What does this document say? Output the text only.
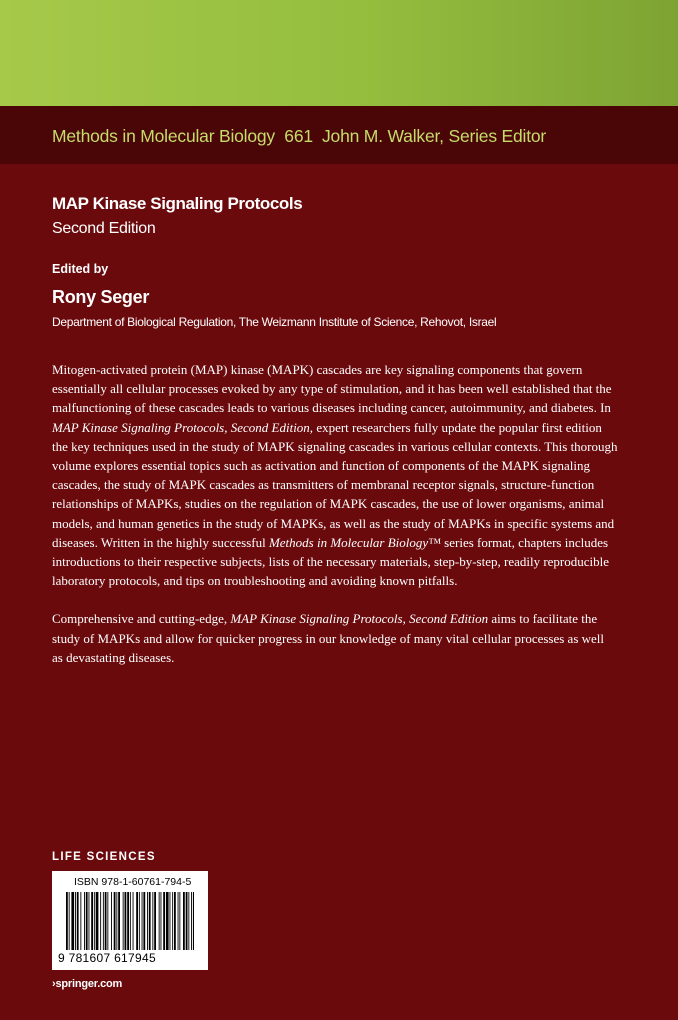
Methods in Molecular Biology  661 John M. Walker, Series Editor
MAP Kinase Signaling Protocols
Second Edition
Edited by
Rony Seger
Department of Biological Regulation, The Weizmann Institute of Science, Rehovot, Israel

Mitogen-activated protein (MAP) kinase (MAPK) cascades are key signaling components that govern essentially all cellular processes evoked by any type of stimulation, and it has been well established that the malfunctioning of these cascades leads to various diseases including cancer, autoimmunity, and diabetes. In MAP Kinase Signaling Protocols, Second Edition, expert researchers fully update the popular first edition the key techniques used in the study of MAPK signaling cascades in various cellular contexts. This thorough volume explores essential topics such as activation and function of components of the MAPK signaling cascades, the study of MAPK cascades as transmitters of membranal receptor signals, structure-function relationships of MAPKs, studies on the regulation of MAPK cascades, the use of lower organisms, animal models, and human genetics in the study of MAPKs, as well as the study of MAPKs in specific systems and diseases. Written in the highly successful Methods in Molecular Biology™ series format, chapters includes introductions to their respective subjects, lists of the necessary materials, step-by-step, readily reproducible laboratory protocols, and tips on troubleshooting and avoiding known pitfalls.

Comprehensive and cutting-edge, MAP Kinase Signaling Protocols, Second Edition aims to facilitate the study of MAPKs and allow for quicker progress in our knowledge of many vital cellular processes as well as devastating diseases.

LIFE SCIENCES
ISBN 978-1-60761-794-5
9 781607 617945
›springer.com
